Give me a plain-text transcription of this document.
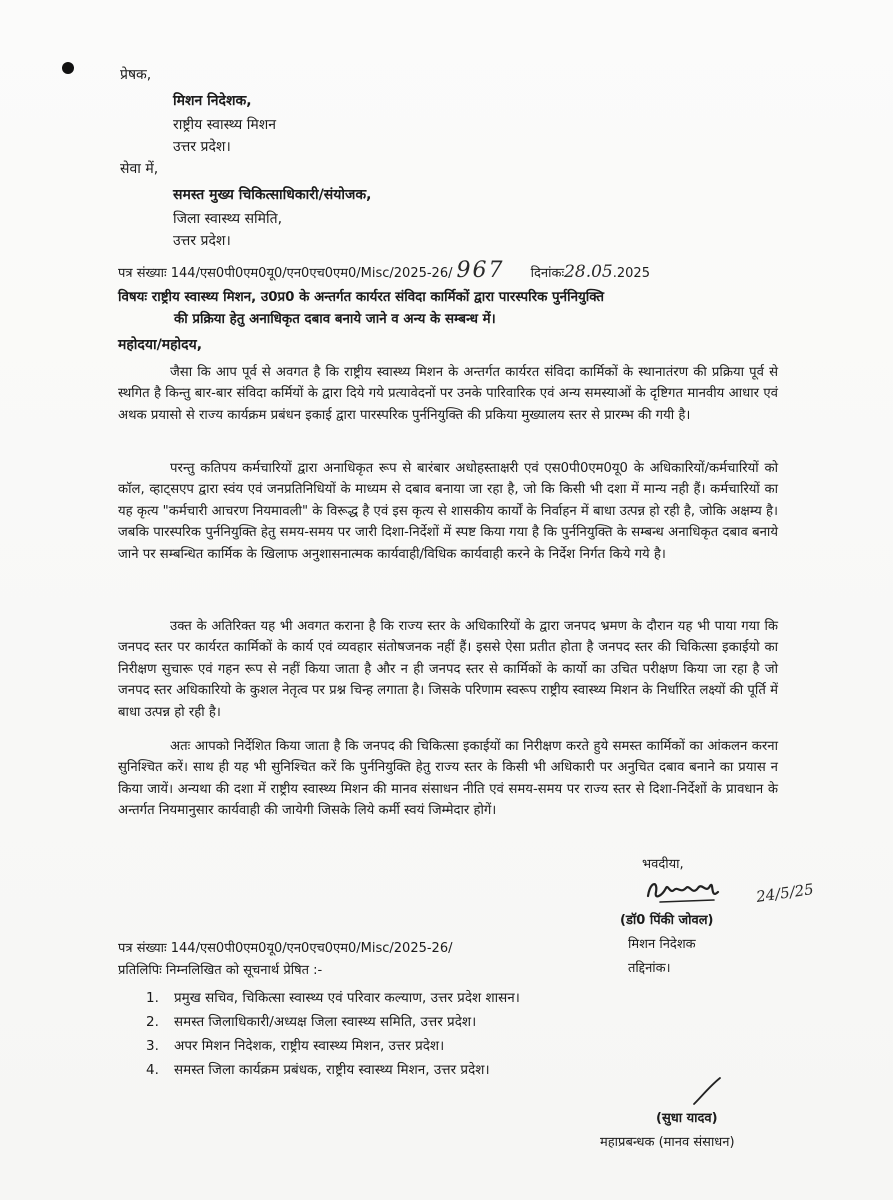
प्रेषक,
मिशन निदेशक,
राष्ट्रीय स्वास्थ्य मिशन
उत्तर प्रदेश।
सेवा में,
समस्त मुख्य चिकित्साधिकारी/संयोजक,
जिला स्वास्थ्य समिति,
उत्तर प्रदेश।
पत्र संख्याः 144/एस0पी0एम0यू0/एन0एच0एम0/Misc/2025-26/ 967 दिनांकः28.05.2025
विषयः राष्ट्रीय स्वास्थ्य मिशन, उ0प्र0 के अन्तर्गत कार्यरत संविदा कार्मिकों द्वारा पारस्परिक पुर्ननियुक्ति
की प्रक्रिया हेतु अनाधिकृत दबाव बनाये जाने व अन्य के सम्बन्ध में।
महोदया/महोदय,

जैसा कि आप पूर्व से अवगत है कि राष्ट्रीय स्वास्थ्य मिशन के अन्तर्गत कार्यरत संविदा कार्मिकों के स्थानातंरण की प्रक्रिया पूर्व से स्थगित है किन्तु बार-बार संविदा कर्मियों के द्वारा दिये गये प्रत्यावेदनों पर उनके पारिवारिक एवं अन्य समस्याओं के दृष्टिगत मानवीय आधार एवं अथक प्रयासो से राज्य कार्यक्रम प्रबंधन इकाई द्वारा पारस्परिक पुर्ननियुक्ति की प्रकिया मुख्यालय स्तर से प्रारम्भ की गयी है।

परन्तु कतिपय कर्मचारियों द्वारा अनाधिकृत रूप से बारंबार अधोहस्ताक्षरी एवं एस0पी0एम0यू0 के अधिकारियों/कर्मचारियों को कॉल, व्हाट्सएप द्वारा स्वंय एवं जनप्रतिनिधियों के माध्यम से दबाव बनाया जा रहा है, जो कि किसी भी दशा में मान्य नही हैं। कर्मचारियों का यह कृत्य "कर्मचारी आचरण नियमावली" के विरूद्ध है एवं इस कृत्य से शासकीय कार्यों के निर्वाहन में बाधा उत्पन्न हो रही है, जोकि अक्षम्य है। जबकि पारस्परिक पुर्ननियुक्ति हेतु समय-समय पर जारी दिशा-निर्देशों में स्पष्ट किया गया है कि पुर्ननियुक्ति के सम्बन्ध अनाधिकृत दबाव बनाये जाने पर सम्बन्धित कार्मिक के खिलाफ अनुशासनात्मक कार्यवाही/विधिक कार्यवाही करने के निर्देश निर्गत किये गये है।

उक्त के अतिरिक्त यह भी अवगत कराना है कि राज्य स्तर के अधिकारियों के द्वारा जनपद भ्रमण के दौरान यह भी पाया गया कि जनपद स्तर पर कार्यरत कार्मिकों के कार्य एवं व्यवहार संतोषजनक नहीं हैं। इससे ऐसा प्रतीत होता है जनपद स्तर की चिकित्सा इकाईयो का निरीक्षण सुचारू एवं गहन रूप से नहीं किया जाता है और न ही जनपद स्तर से कार्मिकों के कार्यो का उचित परीक्षण किया जा रहा है जो जनपद स्तर अधिकारियो के कुशल नेतृत्व पर प्रश्न चिन्ह लगाता है। जिसके परिणाम स्वरूप राष्ट्रीय स्वास्थ्य मिशन के निर्धारित लक्ष्यों की पूर्ति में बाधा उत्पन्न हो रही है।

अतः आपको निर्देशित किया जाता है कि जनपद की चिकित्सा इकाईयों का निरीक्षण करते हुये समस्त कार्मिकों का आंकलन करना सुनिश्चित करें। साथ ही यह भी सुनिश्चित करें कि पुर्ननियुक्ति हेतु राज्य स्तर के किसी भी अधिकारी पर अनुचित दबाव बनाने का प्रयास न किया जायें। अन्यथा की दशा में राष्ट्रीय स्वास्थ्य मिशन की मानव संसाधन नीति एवं समय-समय पर राज्य स्तर से दिशा-निर्देशों के प्रावधान के अन्तर्गत नियमानुसार कार्यवाही की जायेगी जिसके लिये कर्मी स्वयं जिम्मेदार होगें।

भवदीया,
24/5/25
(डॉ0 पिंकी जोवल)
मिशन निदेशक
तद्दिनांक।
पत्र संख्याः 144/एस0पी0एम0यू0/एन0एच0एम0/Misc/2025-26/
प्रतिलिपिः निम्नलिखित को सूचनार्थ प्रेषित :-
1. प्रमुख सचिव, चिकित्सा स्वास्थ्य एवं परिवार कल्याण, उत्तर प्रदेश शासन।
2. समस्त जिलाधिकारी/अध्यक्ष जिला स्वास्थ्य समिति, उत्तर प्रदेश।
3. अपर मिशन निदेशक, राष्ट्रीय स्वास्थ्य मिशन, उत्तर प्रदेश।
4. समस्त जिला कार्यक्रम प्रबंधक, राष्ट्रीय स्वास्थ्य मिशन, उत्तर प्रदेश।
(सुधा यादव)
महाप्रबन्धक (मानव संसाधन)
